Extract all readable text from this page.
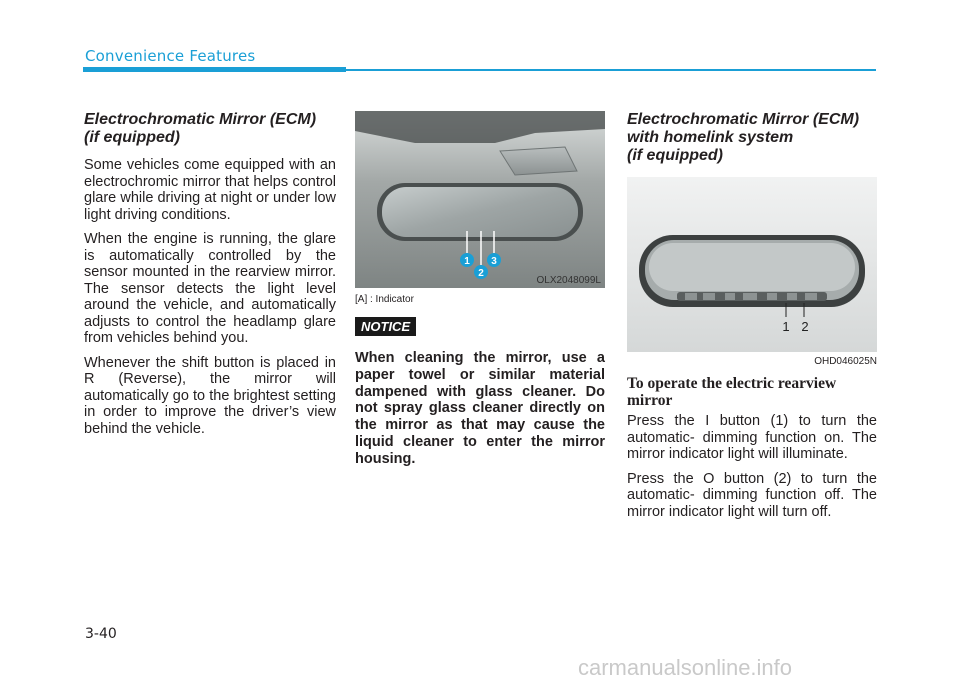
Convenience Features
Electrochromatic Mirror (ECM)
(if equipped)

Some vehicles come equipped with an electrochromic mirror that helps control glare while driving at night or under low light driving conditions.

When the engine is running, the glare is automatically controlled by the sensor mounted in the rearview mirror. The sensor detects the light level around the vehicle, and automatically adjusts to control the headlamp glare from vehicles behind you.

Whenever the shift button is placed in R (Reverse), the mirror will automatically go to the brightest setting in order to improve the driver’s view behind the vehicle.

1
2
3
OLX2048099L
[A] : Indicator
NOTICE

When cleaning the mirror, use a paper towel or similar material dampened with glass cleaner. Do not spray glass cleaner directly on the mirror as that may cause the liquid cleaner to enter the mirror housing.

Electrochromatic Mirror (ECM)
with homelink system
(if equipped)
1 2
OHD046025N
To operate the electric rearview mirror

Press the I button (1) to turn the automatic- dimming function on. The mirror indicator light will illuminate.

Press the O button (2) to turn the automatic- dimming function off. The mirror indicator light will turn off.

3-40
carmanualsonline.info
